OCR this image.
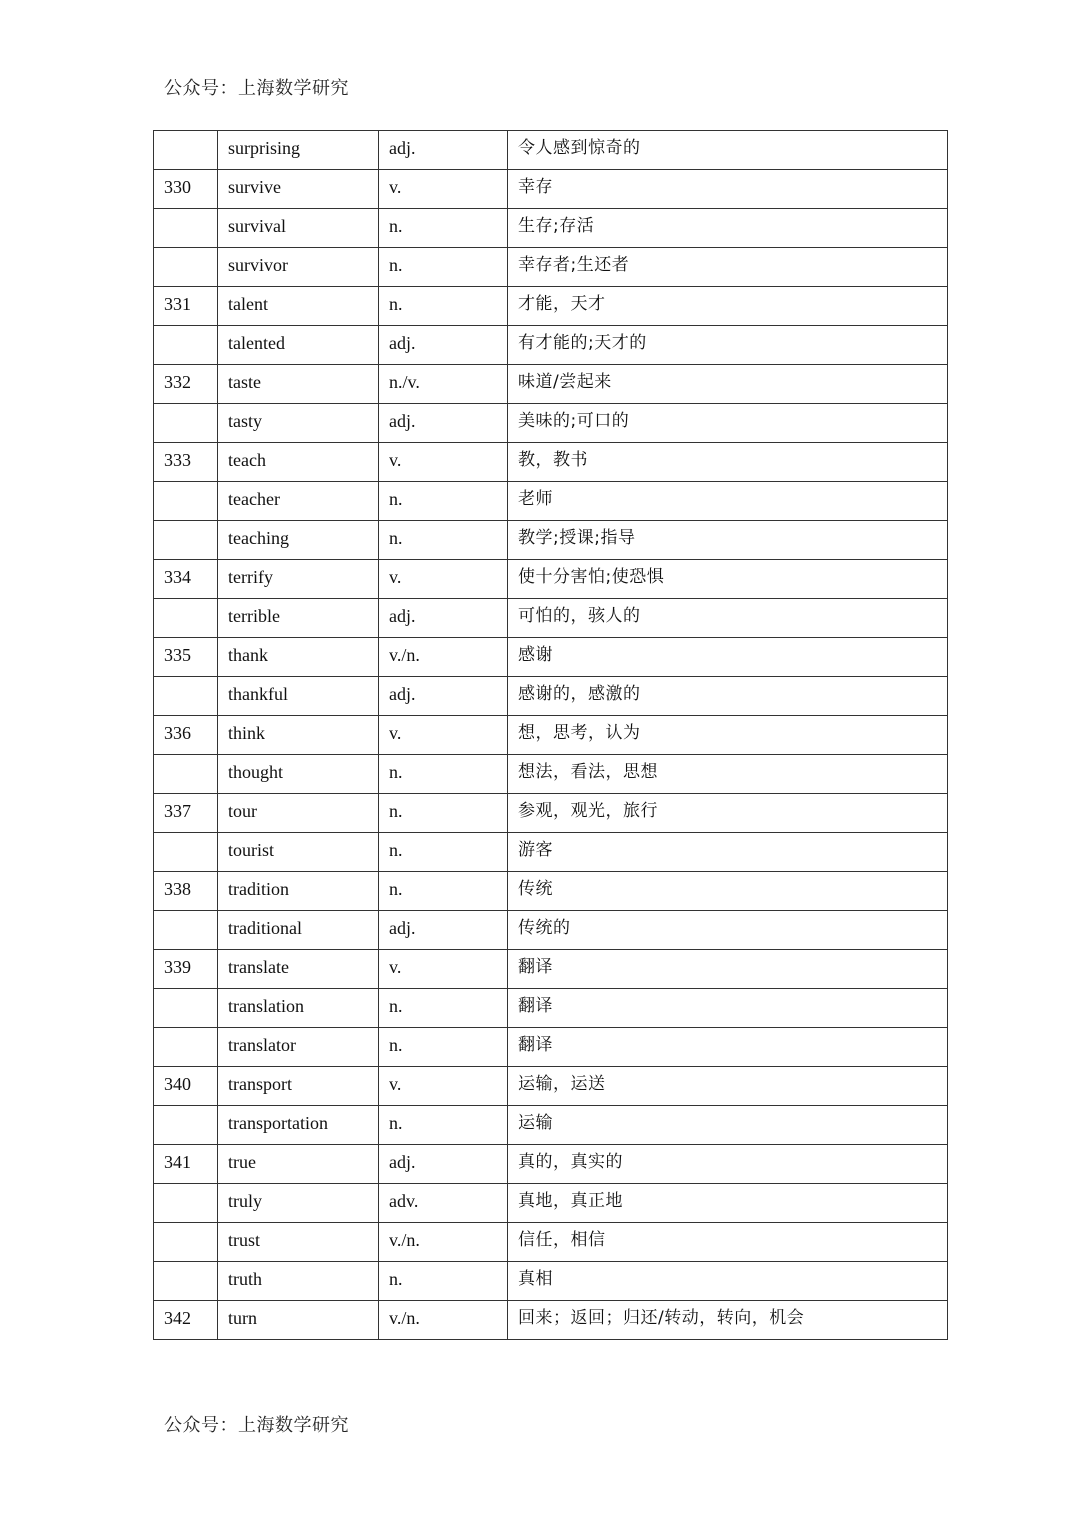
公众号：上海数学研究
	surprising	adj.	令人感到惊奇的
330	survive	v.	幸存
	survival	n.	生存;存活
	survivor	n.	幸存者;生还者
331	talent	n.	才能，天才
	talented	adj.	有才能的;天才的
332	taste	n./v.	味道/尝起来
	tasty	adj.	美味的;可口的
333	teach	v.	教，教书
	teacher	n.	老师
	teaching	n.	教学;授课;指导
334	terrify	v.	使十分害怕;使恐惧
	terrible	adj.	可怕的，骇人的
335	thank	v./n.	感谢
	thankful	adj.	感谢的，感激的
336	think	v.	想，思考，认为
	thought	n.	想法，看法，思想
337	tour	n.	参观，观光，旅行
	tourist	n.	游客
338	tradition	n.	传统
	traditional	adj.	传统的
339	translate	v.	翻译
	translation	n.	翻译
	translator	n.	翻译
340	transport	v.	运输，运送
	transportation	n.	运输
341	true	adj.	真的，真实的
	truly	adv.	真地，真正地
	trust	v./n.	信任，相信
	truth	n.	真相
342	turn	v./n.	回来；返回；归还/转动，转向，机会
公众号：上海数学研究
